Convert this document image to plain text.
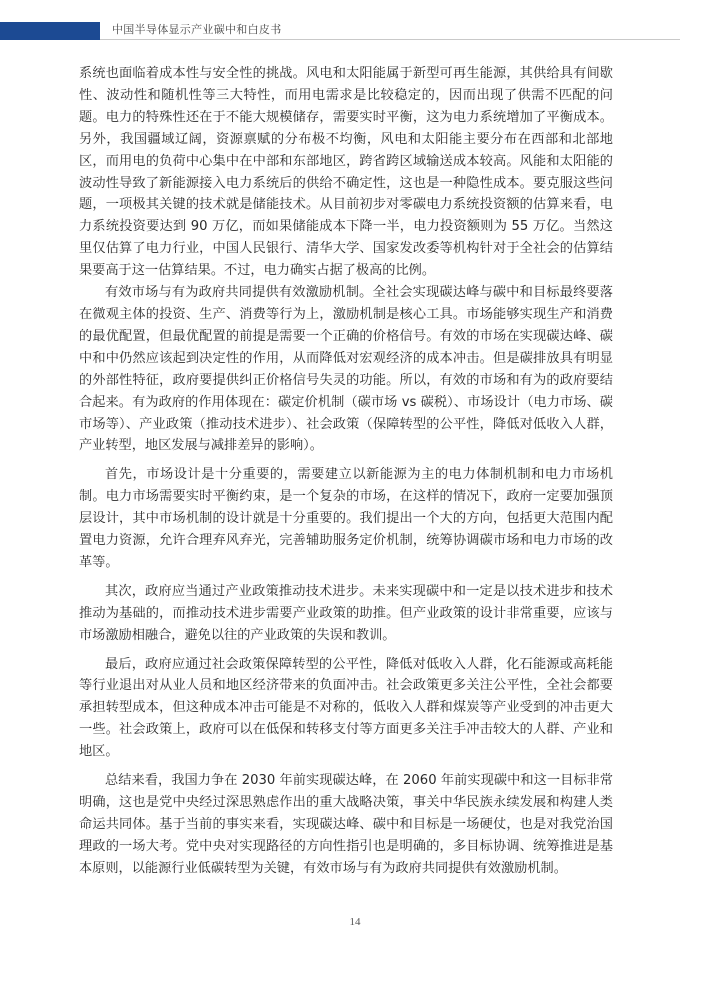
中国半导体显示产业碳中和白皮书

系统也面临着成本性与安全性的挑战。风电和太阳能属于新型可再生能源，其供给具有间歇性、波动性和随机性等三大特性，而用电需求是比较稳定的，因而出现了供需不匹配的问题。电力的特殊性还在于不能大规模储存，需要实时平衡，这为电力系统增加了平衡成本。另外，我国疆域辽阔，资源禀赋的分布极不均衡，风电和太阳能主要分布在西部和北部地区，而用电的负荷中心集中在中部和东部地区，跨省跨区域输送成本较高。风能和太阳能的波动性导致了新能源接入电力系统后的供给不确定性，这也是一种隐性成本。要克服这些问题，一项极其关键的技术就是储能技术。从目前初步对零碳电力系统投资额的估算来看，电力系统投资要达到 90 万亿，而如果储能成本下降一半，电力投资额则为 55 万亿。当然这里仅估算了电力行业，中国人民银行、清华大学、国家发改委等机构针对于全社会的估算结果要高于这一估算结果。不过，电力确实占据了极高的比例。

有效市场与有为政府共同提供有效激励机制。全社会实现碳达峰与碳中和目标最终要落在微观主体的投资、生产、消费等行为上，激励机制是核心工具。市场能够实现生产和消费的最优配置，但最优配置的前提是需要一个正确的价格信号。有效的市场在实现碳达峰、碳中和中仍然应该起到决定性的作用，从而降低对宏观经济的成本冲击。但是碳排放具有明显的外部性特征，政府要提供纠正价格信号失灵的功能。所以，有效的市场和有为的政府要结合起来。有为政府的作用体现在：碳定价机制（碳市场 vs 碳税）、市场设计（电力市场、碳市场等）、产业政策（推动技术进步）、社会政策（保障转型的公平性，降低对低收入人群，产业转型，地区发展与减排差异的影响）。

首先，市场设计是十分重要的，需要建立以新能源为主的电力体制机制和电力市场机制。电力市场需要实时平衡约束，是一个复杂的市场，在这样的情况下，政府一定要加强顶层设计，其中市场机制的设计就是十分重要的。我们提出一个大的方向，包括更大范围内配置电力资源，允许合理弃风弃光，完善辅助服务定价机制，统筹协调碳市场和电力市场的改革等。

其次，政府应当通过产业政策推动技术进步。未来实现碳中和一定是以技术进步和技术推动为基础的，而推动技术进步需要产业政策的助推。但产业政策的设计非常重要，应该与市场激励相融合，避免以往的产业政策的失误和教训。

最后，政府应通过社会政策保障转型的公平性，降低对低收入人群，化石能源或高耗能等行业退出对从业人员和地区经济带来的负面冲击。社会政策更多关注公平性，全社会都要承担转型成本，但这种成本冲击可能是不对称的，低收入人群和煤炭等产业受到的冲击更大一些。社会政策上，政府可以在低保和转移支付等方面更多关注手冲击较大的人群、产业和地区。

总结来看，我国力争在 2030 年前实现碳达峰，在 2060 年前实现碳中和这一目标非常明确，这也是党中央经过深思熟虑作出的重大战略决策，事关中华民族永续发展和构建人类命运共同体。基于当前的事实来看，实现碳达峰、碳中和目标是一场硬仗，也是对我党治国理政的一场大考。党中央对实现路径的方向性指引也是明确的，多目标协调、统筹推进是基本原则，以能源行业低碳转型为关键，有效市场与有为政府共同提供有效激励机制。

14
